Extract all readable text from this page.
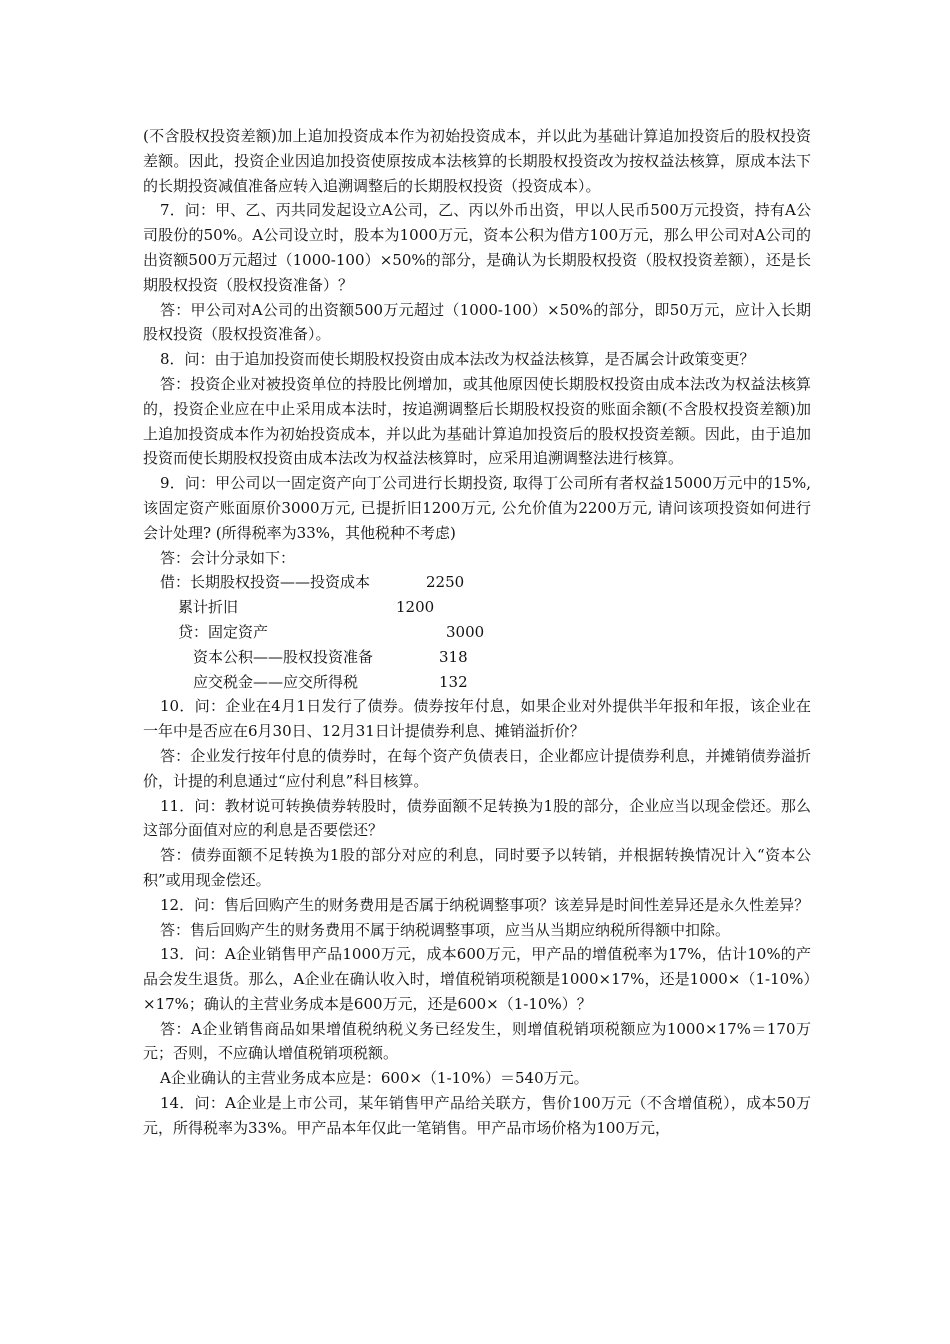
(不含股权投资差额)加上追加投资成本作为初始投资成本，并以此为基础计算追加投资后的股权投资差额。因此，投资企业因追加投资使原按成本法核算的长期股权投资改为按权益法核算，原成本法下的长期投资减值准备应转入追溯调整后的长期股权投资（投资成本）。

7．问：甲、乙、丙共同发起设立A公司，乙、丙以外币出资，甲以人民币500万元投资，持有A公司股份的50%。A公司设立时，股本为1000万元，资本公积为借方100万元，那么甲公司对A公司的出资额500万元超过（1000-100）×50%的部分，是确认为长期股权投资（股权投资差额），还是长期股权投资（股权投资准备）？

答：甲公司对A公司的出资额500万元超过（1000-100）×50%的部分，即50万元，应计入长期股权投资（股权投资准备）。

8．问：由于追加投资而使长期股权投资由成本法改为权益法核算，是否属会计政策变更？

答：投资企业对被投资单位的持股比例增加，或其他原因使长期股权投资由成本法改为权益法核算的，投资企业应在中止采用成本法时，按追溯调整后长期股权投资的账面余额(不含股权投资差额)加上追加投资成本作为初始投资成本，并以此为基础计算追加投资后的股权投资差额。因此，由于追加投资而使长期股权投资由成本法改为权益法核算时，应采用追溯调整法进行核算。

9．问：甲公司以一固定资产向丁公司进行长期投资, 取得丁公司所有者权益15000万元中的15%, 该固定资产账面原价3000万元, 已提折旧1200万元, 公允价值为2200万元, 请问该项投资如何进行会计处理? (所得税率为33%，其他税种不考虑)

答：会计分录如下：

借：长期股权投资——投资成本	2250
累计折旧	1200
贷：固定资产	3000
资本公积——股权投资准备	318
应交税金——应交所得税	132

10．问：企业在4月1日发行了债券。债券按年付息，如果企业对外提供半年报和年报，该企业在一年中是否应在6月30日、12月31日计提债券利息、摊销溢折价？

答：企业发行按年付息的债券时，在每个资产负债表日，企业都应计提债券利息，并摊销债券溢折价，计提的利息通过“应付利息”科目核算。

11．问：教材说可转换债券转股时，债券面额不足转换为1股的部分，企业应当以现金偿还。那么这部分面值对应的利息是否要偿还？

答：债券面额不足转换为1股的部分对应的利息，同时要予以转销，并根据转换情况计入“资本公积”或用现金偿还。

12．问：售后回购产生的财务费用是否属于纳税调整事项？该差异是时间性差异还是永久性差异？

答：售后回购产生的财务费用不属于纳税调整事项，应当从当期应纳税所得额中扣除。

13．问：A企业销售甲产品1000万元，成本600万元，甲产品的增值税率为17%，估计10%的产品会发生退货。那么，A企业在确认收入时，增值税销项税额是1000×17%，还是1000×（1-10%）×17%；确认的主营业务成本是600万元，还是600×（1-10%）？

答：A企业销售商品如果增值税纳税义务已经发生，则增值税销项税额应为1000×17%＝170万元；否则，不应确认增值税销项税额。

A企业确认的主营业务成本应是：600×（1-10%）＝540万元。

14．问：A企业是上市公司，某年销售甲产品给关联方，售价100万元（不含增值税），成本50万元，所得税率为33%。甲产品本年仅此一笔销售。甲产品市场价格为100万元，
